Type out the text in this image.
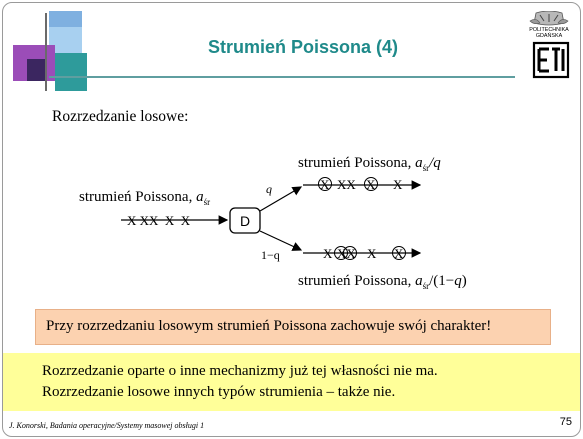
Strumień Poissona (4)
POLITECHNIKA
GDAŃSKA
Rozrzedzanie losowe:
X XX  X  X
X XX X X
X XX X X
D
q
1−q
strumień Poissona, $a_{śr}$
strumień Poissona, $a_{śr}/q$
strumień Poissona, $a_{śr}/(1-q)$
Przy rozrzedzaniu losowym strumień Poissona zachowuje swój charakter!
Rozrzedzanie oparte o inne mechanizmy już tej własności nie ma.
Rozrzedzanie losowe innych typów strumienia – także nie.
J. Konorski, Badania operacyjne/Systemy masowej obsługi 1	75
